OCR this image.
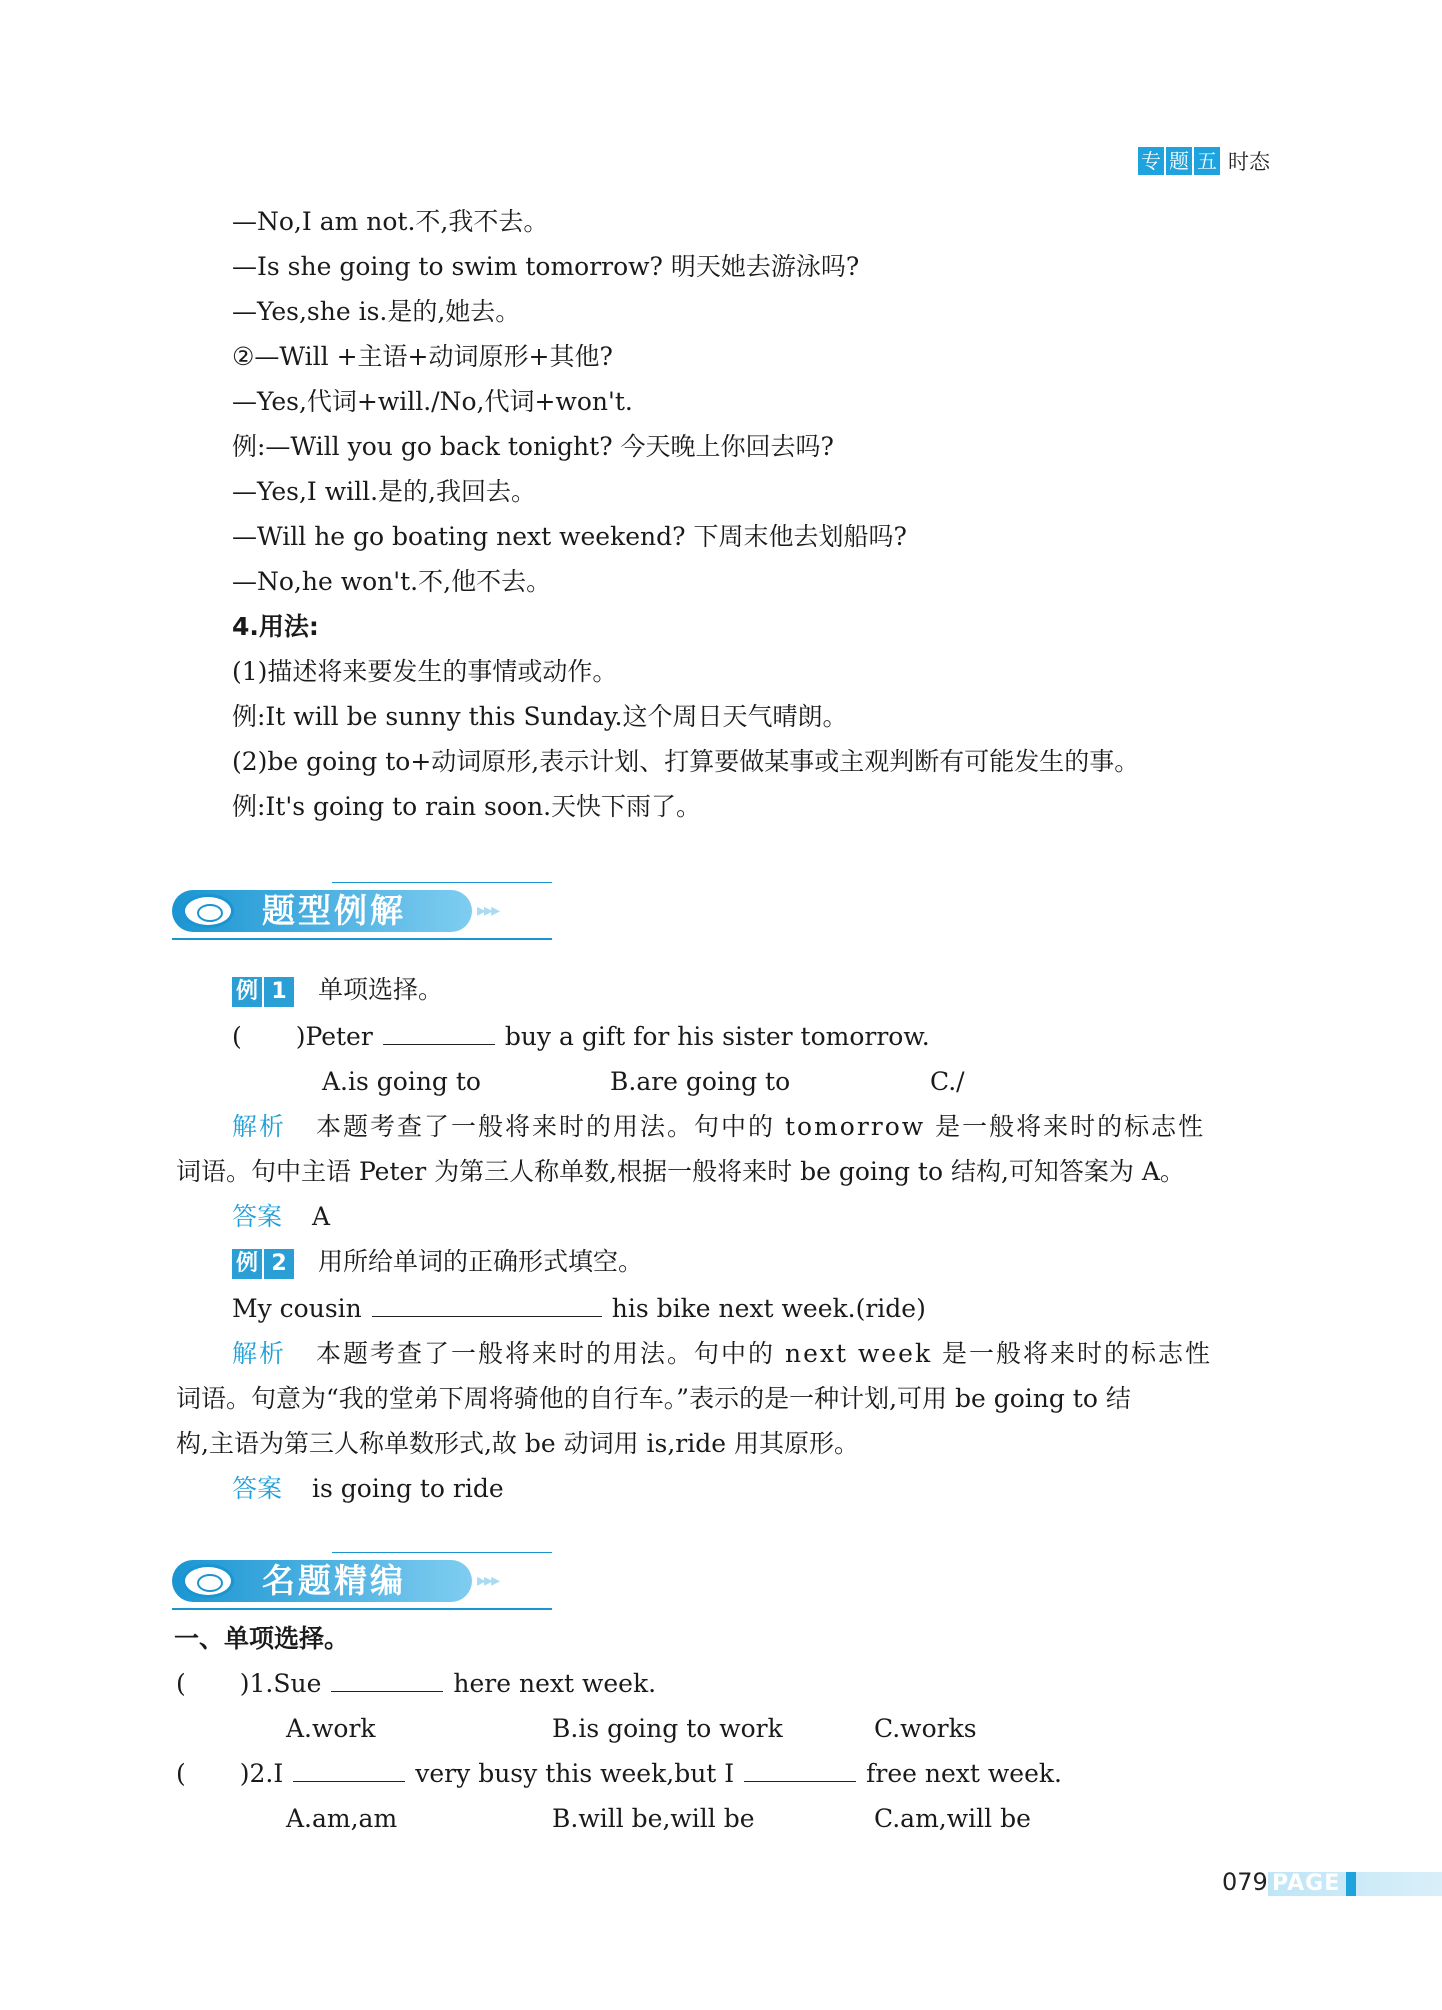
专 题 五 时态
—No,I am not.不,我不去。
—Is she going to swim tomorrow? 明天她去游泳吗?
—Yes,she is.是的,她去。
②—Will +主语+动词原形+其他?
—Yes,代词+will./No,代词+won't.
例:—Will you go back tonight? 今天晚上你回去吗?
—Yes,I will.是的,我回去。
—Will he go boating next weekend? 下周末他去划船吗?
—No,he won't.不,他不去。
4.用法:
(1)描述将来要发生的事情或动作。
例:It will be sunny this Sunday.这个周日天气晴朗。
(2)be going to+动词原形,表示计划、打算要做某事或主观判断有可能发生的事。
例:It's going to rain soon.天快下雨了。
题型例解	▸▸▸
例 1 单项选择。
( )Peter	buy a gift for his sister tomorrow.
A.is going to	B.are going to	C./
解析 本题考查了一般将来时的用法。句中的 tomorrow 是一般将来时的标志性
词语。句中主语 Peter 为第三人称单数,根据一般将来时 be going to 结构,可知答案为 A。
答案 A
例 2 用所给单词的正确形式填空。
My cousin	his bike next week.(ride)
解析 本题考查了一般将来时的用法。句中的 next week 是一般将来时的标志性
词语。句意为“我的堂弟下周将骑他的自行车。”表示的是一种计划,可用 be going to 结
构,主语为第三人称单数形式,故 be 动词用 is,ride 用其原形。
答案 is going to ride
名题精编	▸▸▸
一、单项选择。
( )1.Sue	here next week.
A.work	B.is going to work	C.works
( )2.I	very busy this week,but I	free next week.
A.am,am	B.will be,will be	C.am,will be
079 PAGE
